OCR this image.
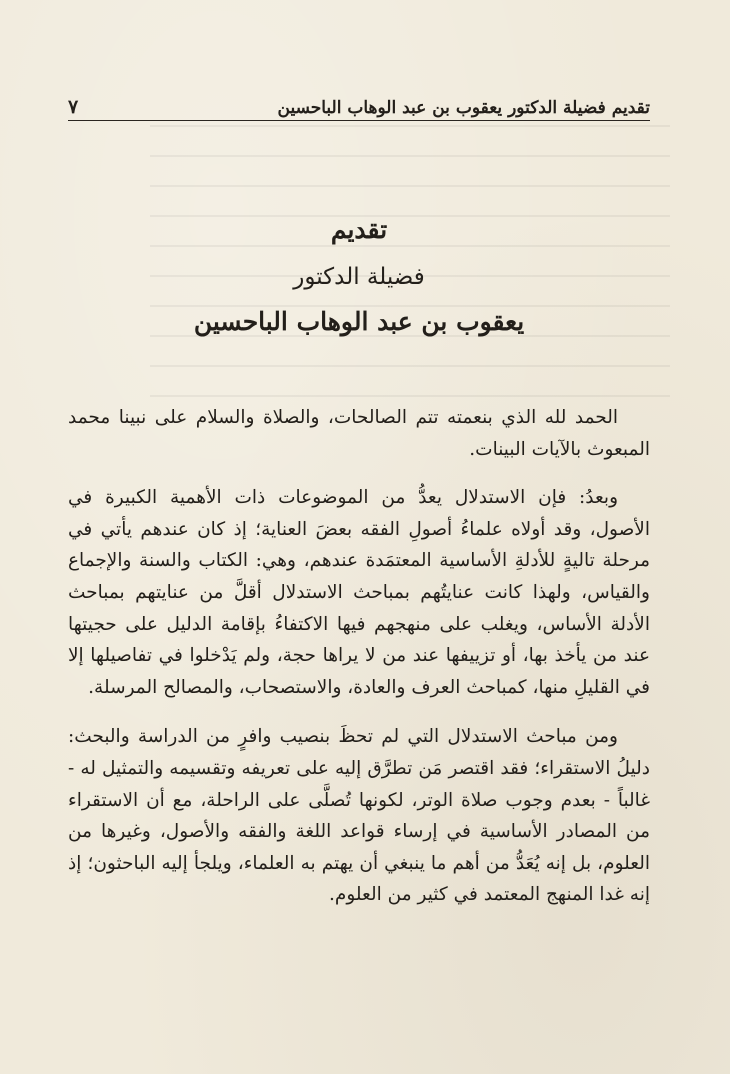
تقديم فضيلة الدكتور يعقوب بن عبد الوهاب الباحسين
٧
تقديم
فضيلة الدكتور
يعقوب بن عبد الوهاب الباحسين

الحمد لله الذي بنعمته تتم الصالحات، والصلاة والسلام على نبينا محمد المبعوث بالآيات البينات.

وبعدُ: فإن الاستدلال يعدُّ من الموضوعات ذات الأهمية الكبيرة في الأصول، وقد أولاه علماءُ أصولِ الفقه بعضَ العناية؛ إذ كان عندهم يأتي في مرحلة تاليةٍ للأدلةِ الأساسية المعتمَدة عندهم، وهي: الكتاب والسنة والإجماع والقياس، ولهذا كانت عنايتُهم بمباحث الاستدلال أقلَّ من عنايتهم بمباحث الأدلة الأساس، ويغلب على منهجهم فيها الاكتفاءُ بإقامة الدليل على حجيتها عند من يأخذ بها، أو تزييفها عند من لا يراها حجة، ولم يَدْخلوا في تفاصيلها إلا في القليلِ منها، كمباحث العرف والعادة، والاستصحاب، والمصالح المرسلة.

ومن مباحث الاستدلال التي لم تحظَ بنصيب وافرٍ من الدراسة والبحث: دليلُ الاستقراء؛ فقد اقتصر مَن تطرَّق إليه على تعريفه وتقسيمه والتمثيل له - غالباً - بعدم وجوب صلاة الوتر، لكونها تُصلَّى على الراحلة، مع أن الاستقراء من المصادر الأساسية في إرساء قواعد اللغة والفقه والأصول، وغيرها من العلوم، بل إنه يُعَدُّ من أهم ما ينبغي أن يهتم به العلماء، ويلجأ إليه الباحثون؛ إذ إنه غدا المنهج المعتمد في كثير من العلوم.
